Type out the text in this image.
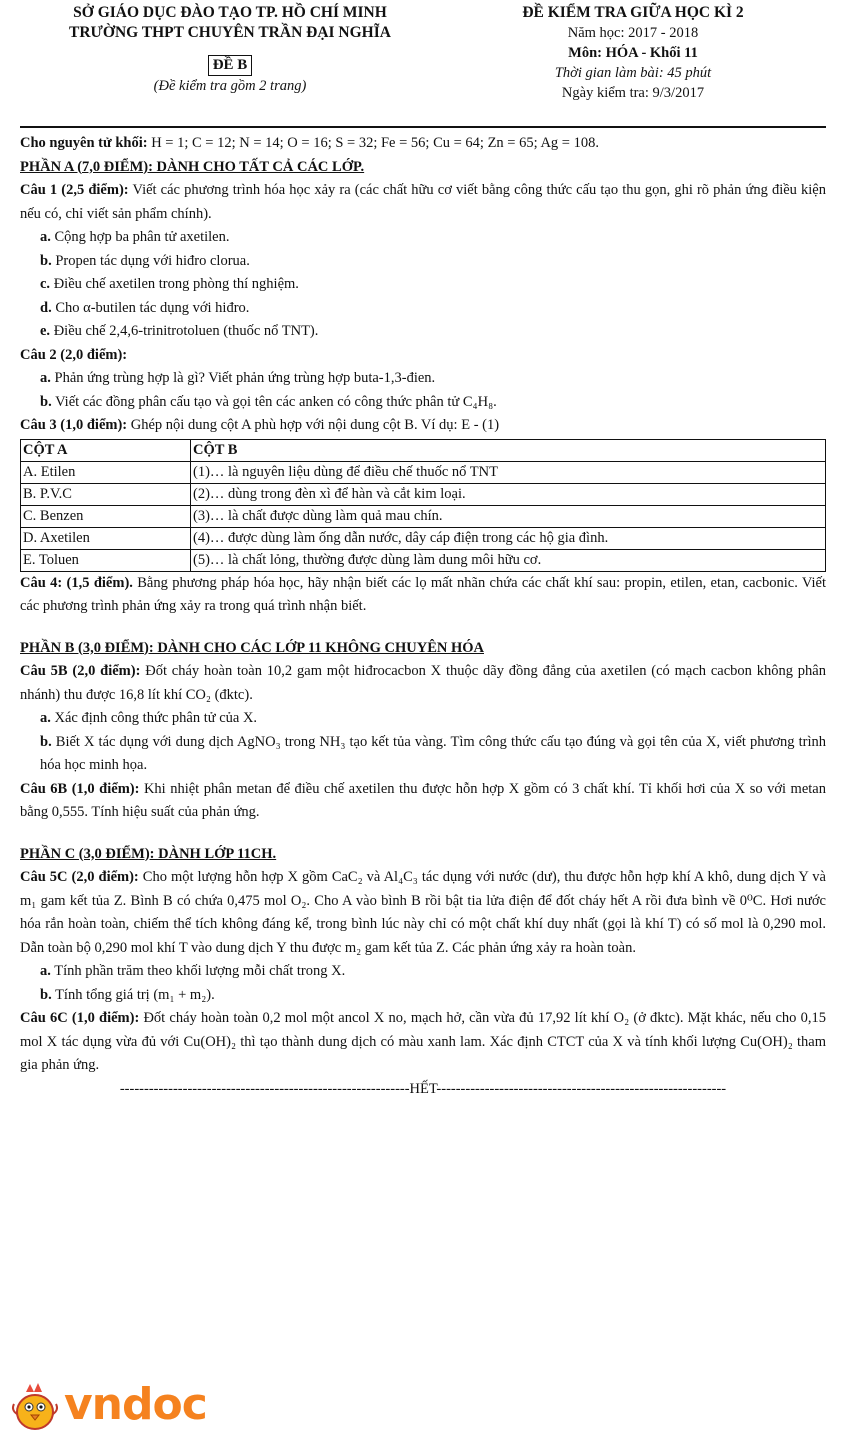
SỞ GIÁO DỤC ĐÀO TẠO TP. HỒ CHÍ MINH
TRƯỜNG THPT CHUYÊN TRẦN ĐẠI NGHĨA
ĐỀ B
(Đề kiểm tra gồm 2 trang)
ĐỀ KIỂM TRA GIỮA HỌC KÌ 2
Năm học: 2017 - 2018
Môn: HÓA - Khối 11
Thời gian làm bài: 45 phút
Ngày kiểm tra: 9/3/2017

Cho nguyên tử khối: H = 1; C = 12; N = 14; O = 16; S = 32; Fe = 56; Cu = 64; Zn = 65; Ag = 108.

PHẦN A (7,0 ĐIỂM): DÀNH CHO TẤT CẢ CÁC LỚP.

Câu 1 (2,5 điểm): Viết các phương trình hóa học xảy ra (các chất hữu cơ viết bằng công thức cấu tạo thu gọn, ghi rõ phản ứng điều kiện nếu có, chỉ viết sản phẩm chính).

a. Cộng hợp ba phân tử axetilen.

b. Propen tác dụng với hiđro clorua.

c. Điều chế axetilen trong phòng thí nghiệm.

d. Cho α-butilen tác dụng với hiđro.

e. Điều chế 2,4,6-trinitrotoluen (thuốc nổ TNT).

Câu 2 (2,0 điểm):

a. Phản ứng trùng hợp là gì? Viết phản ứng trùng hợp buta-1,3-đien.

b. Viết các đồng phân cấu tạo và gọi tên các anken có công thức phân tử C₄H₈.

Câu 3 (1,0 điểm): Ghép nội dung cột A phù hợp với nội dung cột B. Ví dụ: E - (1)

CỘT A	CỘT B
A. Etilen	(1)… là nguyên liệu dùng để điều chế thuốc nổ TNT
B. P.V.C	(2)… dùng trong đèn xì để hàn và cắt kim loại.
C. Benzen	(3)… là chất được dùng làm quả mau chín.
D. Axetilen	(4)… được dùng làm ống dẫn nước, dây cáp điện trong các hộ gia đình.
E. Toluen	(5)… là chất lỏng, thường được dùng làm dung môi hữu cơ.

Câu 4: (1,5 điểm). Bằng phương pháp hóa học, hãy nhận biết các lọ mất nhãn chứa các chất khí sau: propin, etilen, etan, cacbonic. Viết các phương trình phản ứng xảy ra trong quá trình nhận biết.

PHẦN B (3,0 ĐIỂM): DÀNH CHO CÁC LỚP 11 KHÔNG CHUYÊN HÓA

Câu 5B (2,0 điểm): Đốt cháy hoàn toàn 10,2 gam một hiđrocacbon X thuộc dãy đồng đẳng của axetilen (có mạch cacbon không phân nhánh) thu được 16,8 lít khí CO₂ (đktc).

a. Xác định công thức phân tử của X.

b. Biết X tác dụng với dung dịch AgNO₃ trong NH₃ tạo kết tủa vàng. Tìm công thức cấu tạo đúng và gọi tên của X, viết phương trình hóa học minh họa.

Câu 6B (1,0 điểm): Khi nhiệt phân metan để điều chế axetilen thu được hỗn hợp X gồm có 3 chất khí. Tỉ khối hơi của X so với metan bằng 0,555. Tính hiệu suất của phản ứng.

PHẦN C (3,0 ĐIỂM): DÀNH LỚP 11CH.

Câu 5C (2,0 điểm): Cho một lượng hỗn hợp X gồm CaC₂ và Al₄C₃ tác dụng với nước (dư), thu được hỗn hợp khí A khô, dung dịch Y và m₁ gam kết tủa Z. Bình B có chứa 0,475 mol O₂. Cho A vào bình B rồi bật tia lửa điện để đốt cháy hết A rồi đưa bình về 0⁰C. Hơi nước hóa rắn hoàn toàn, chiếm thể tích không đáng kể, trong bình lúc này chỉ có một chất khí duy nhất (gọi là khí T) có số mol là 0,290 mol. Dẫn toàn bộ 0,290 mol khí T vào dung dịch Y thu được m₂ gam kết tủa Z. Các phản ứng xảy ra hoàn toàn.

a. Tính phần trăm theo khối lượng mỗi chất trong X.

b. Tính tổng giá trị (m₁ + m₂).

Câu 6C (1,0 điểm): Đốt cháy hoàn toàn 0,2 mol một ancol X no, mạch hở, cần vừa đủ 17,92 lít khí O₂ (ở đktc). Mặt khác, nếu cho 0,15 mol X tác dụng vừa đủ với Cu(OH)₂ thì tạo thành dung dịch có màu xanh lam. Xác định CTCT của X và tính khối lượng Cu(OH)₂ tham gia phản ứng.

------------------------------------------------------------HẾT------------------------------------------------------------
vndoc
